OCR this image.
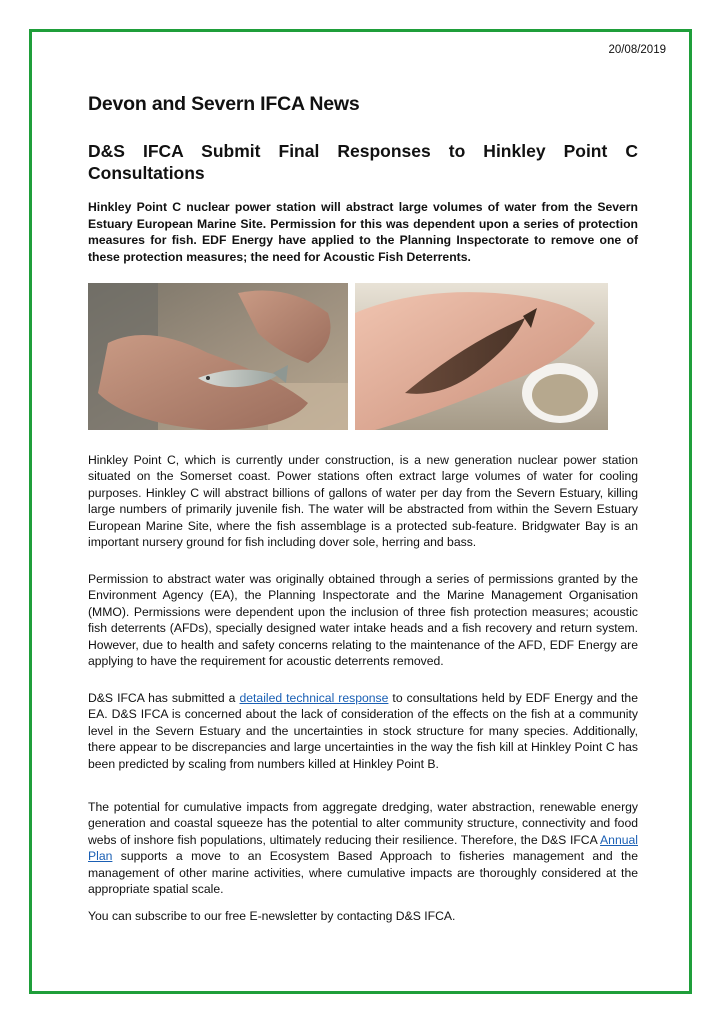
20/08/2019
Devon and Severn IFCA News
D&S IFCA Submit Final Responses to Hinkley Point C Consultations

Hinkley Point C nuclear power station will abstract large volumes of water from the Severn Estuary European Marine Site. Permission for this was dependent upon a series of protection measures for fish. EDF Energy have applied to the Planning Inspectorate to remove one of these protection measures; the need for Acoustic Fish Deterrents.

Hinkley Point C, which is currently under construction, is a new generation nuclear power station situated on the Somerset coast. Power stations often extract large volumes of water for cooling purposes. Hinkley C will abstract billions of gallons of water per day from the Severn Estuary, killing large numbers of primarily juvenile fish. The water will be abstracted from within the Severn Estuary European Marine Site, where the fish assemblage is a protected sub-feature. Bridgwater Bay is an important nursery ground for fish including dover sole, herring and bass.

Permission to abstract water was originally obtained through a series of permissions granted by the Environment Agency (EA), the Planning Inspectorate and the Marine Management Organisation (MMO). Permissions were dependent upon the inclusion of three fish protection measures; acoustic fish deterrents (AFDs), specially designed water intake heads and a fish recovery and return system. However, due to health and safety concerns relating to the maintenance of the AFD, EDF Energy are applying to have the requirement for acoustic deterrents removed.

D&S IFCA has submitted a detailed technical response to consultations held by EDF Energy and the EA. D&S IFCA is concerned about the lack of consideration of the effects on the fish at a community level in the Severn Estuary and the uncertainties in stock structure for many species. Additionally, there appear to be discrepancies and large uncertainties in the way the fish kill at Hinkley Point C has been predicted by scaling from numbers killed at Hinkley Point B.

The potential for cumulative impacts from aggregate dredging, water abstraction, renewable energy generation and coastal squeeze has the potential to alter community structure, connectivity and food webs of inshore fish populations, ultimately reducing their resilience. Therefore, the D&S IFCA Annual Plan supports a move to an Ecosystem Based Approach to fisheries management and the management of other marine activities, where cumulative impacts are thoroughly considered at the appropriate spatial scale.

You can subscribe to our free E-newsletter by contacting D&S IFCA.
